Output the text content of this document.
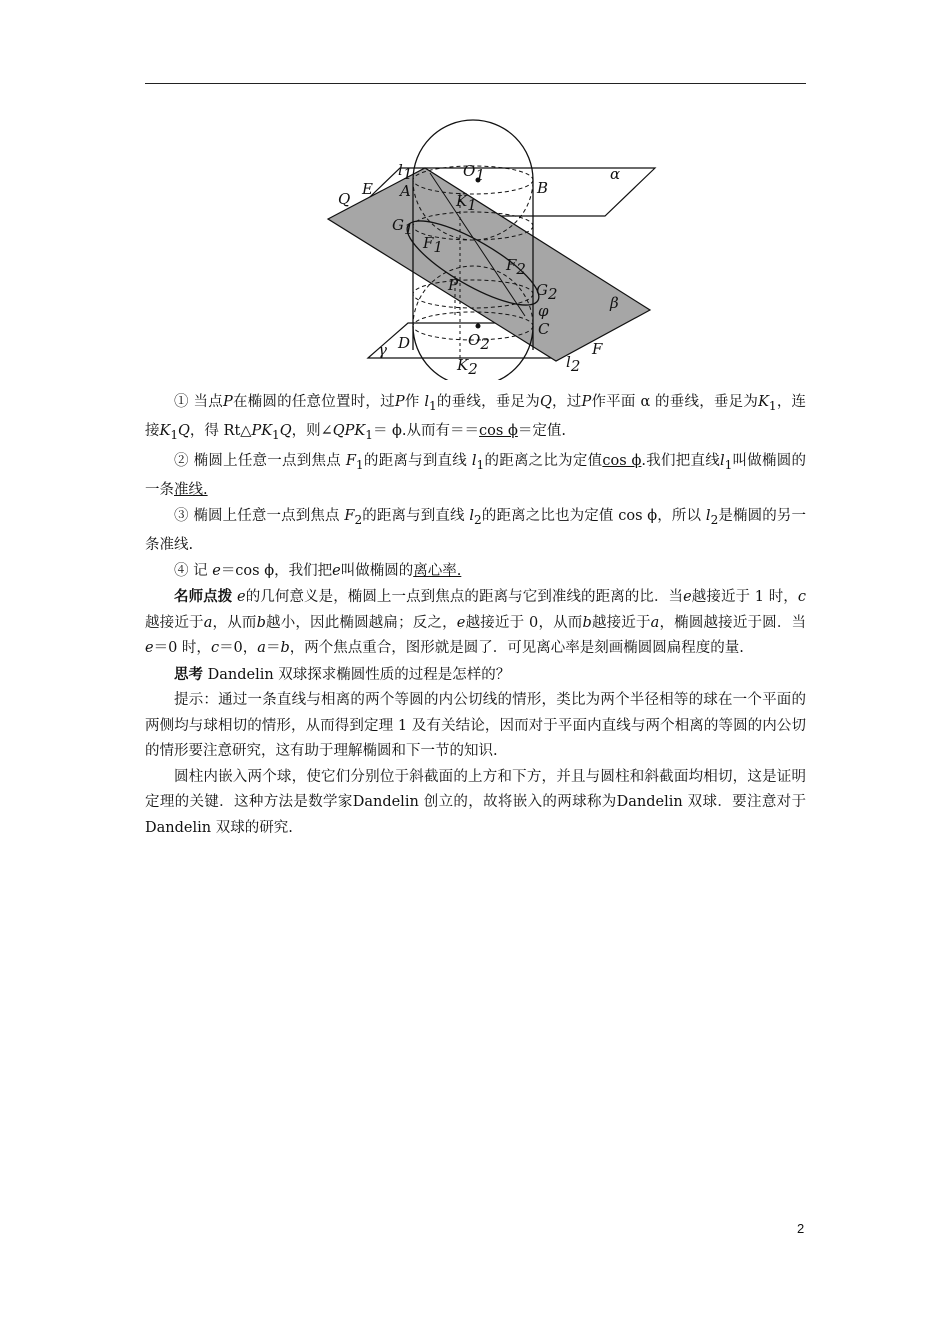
l1	O1	α
E A	B
Q	K1
G1
F1
F2
P	G2	β
φ
C
D	O2
γ	F
l2
K2

① 当点P在椭圆的任意位置时，过P作 $l_1$的垂线，垂足为Q，过P作平面 α 的垂线，垂足为$K_1$，连接$K_1Q$，得 $Rt\triangle PK_1Q$，则$\angle QPK_1= \phi$.从而有＝＝cos ϕ＝定值.

② 椭圆上任意一点到焦点 $F_1$的距离与到直线 $l_1$的距离之比为定值cos ϕ.我们把直线$l_1$叫做椭圆的一条准线.

③ 椭圆上任意一点到焦点 $F_2$的距离与到直线 $l_2$的距离之比也为定值 cos ϕ，所以 $l_2$是椭圆的另一条准线.

④ 记 e＝cos ϕ，我们把e叫做椭圆的离心率.

名师点拨 e的几何意义是，椭圆上一点到焦点的距离与它到准线的距离的比．当e越接近于 1 时，c越接近于a，从而b越小，因此椭圆越扁；反之，e越接近于 0，从而b越接近于a，椭圆越接近于圆．当e＝0 时，c＝0，a＝b，两个焦点重合，图形就是圆了．可见离心率是刻画椭圆圆扁程度的量.

思考 Dandelin 双球探求椭圆性质的过程是怎样的？

提示：通过一条直线与相离的两个等圆的内公切线的情形，类比为两个半径相等的球在一个平面的两侧均与球相切的情形，从而得到定理 1 及有关结论，因而对于平面内直线与两个相离的等圆的内公切的情形要注意研究，这有助于理解椭圆和下一节的知识.

圆柱内嵌入两个球，使它们分别位于斜截面的上方和下方，并且与圆柱和斜截面均相切，这是证明定理的关键．这种方法是数学家Dandelin 创立的，故将嵌入的两球称为Dandelin 双球．要注意对于Dandelin 双球的研究.

2
